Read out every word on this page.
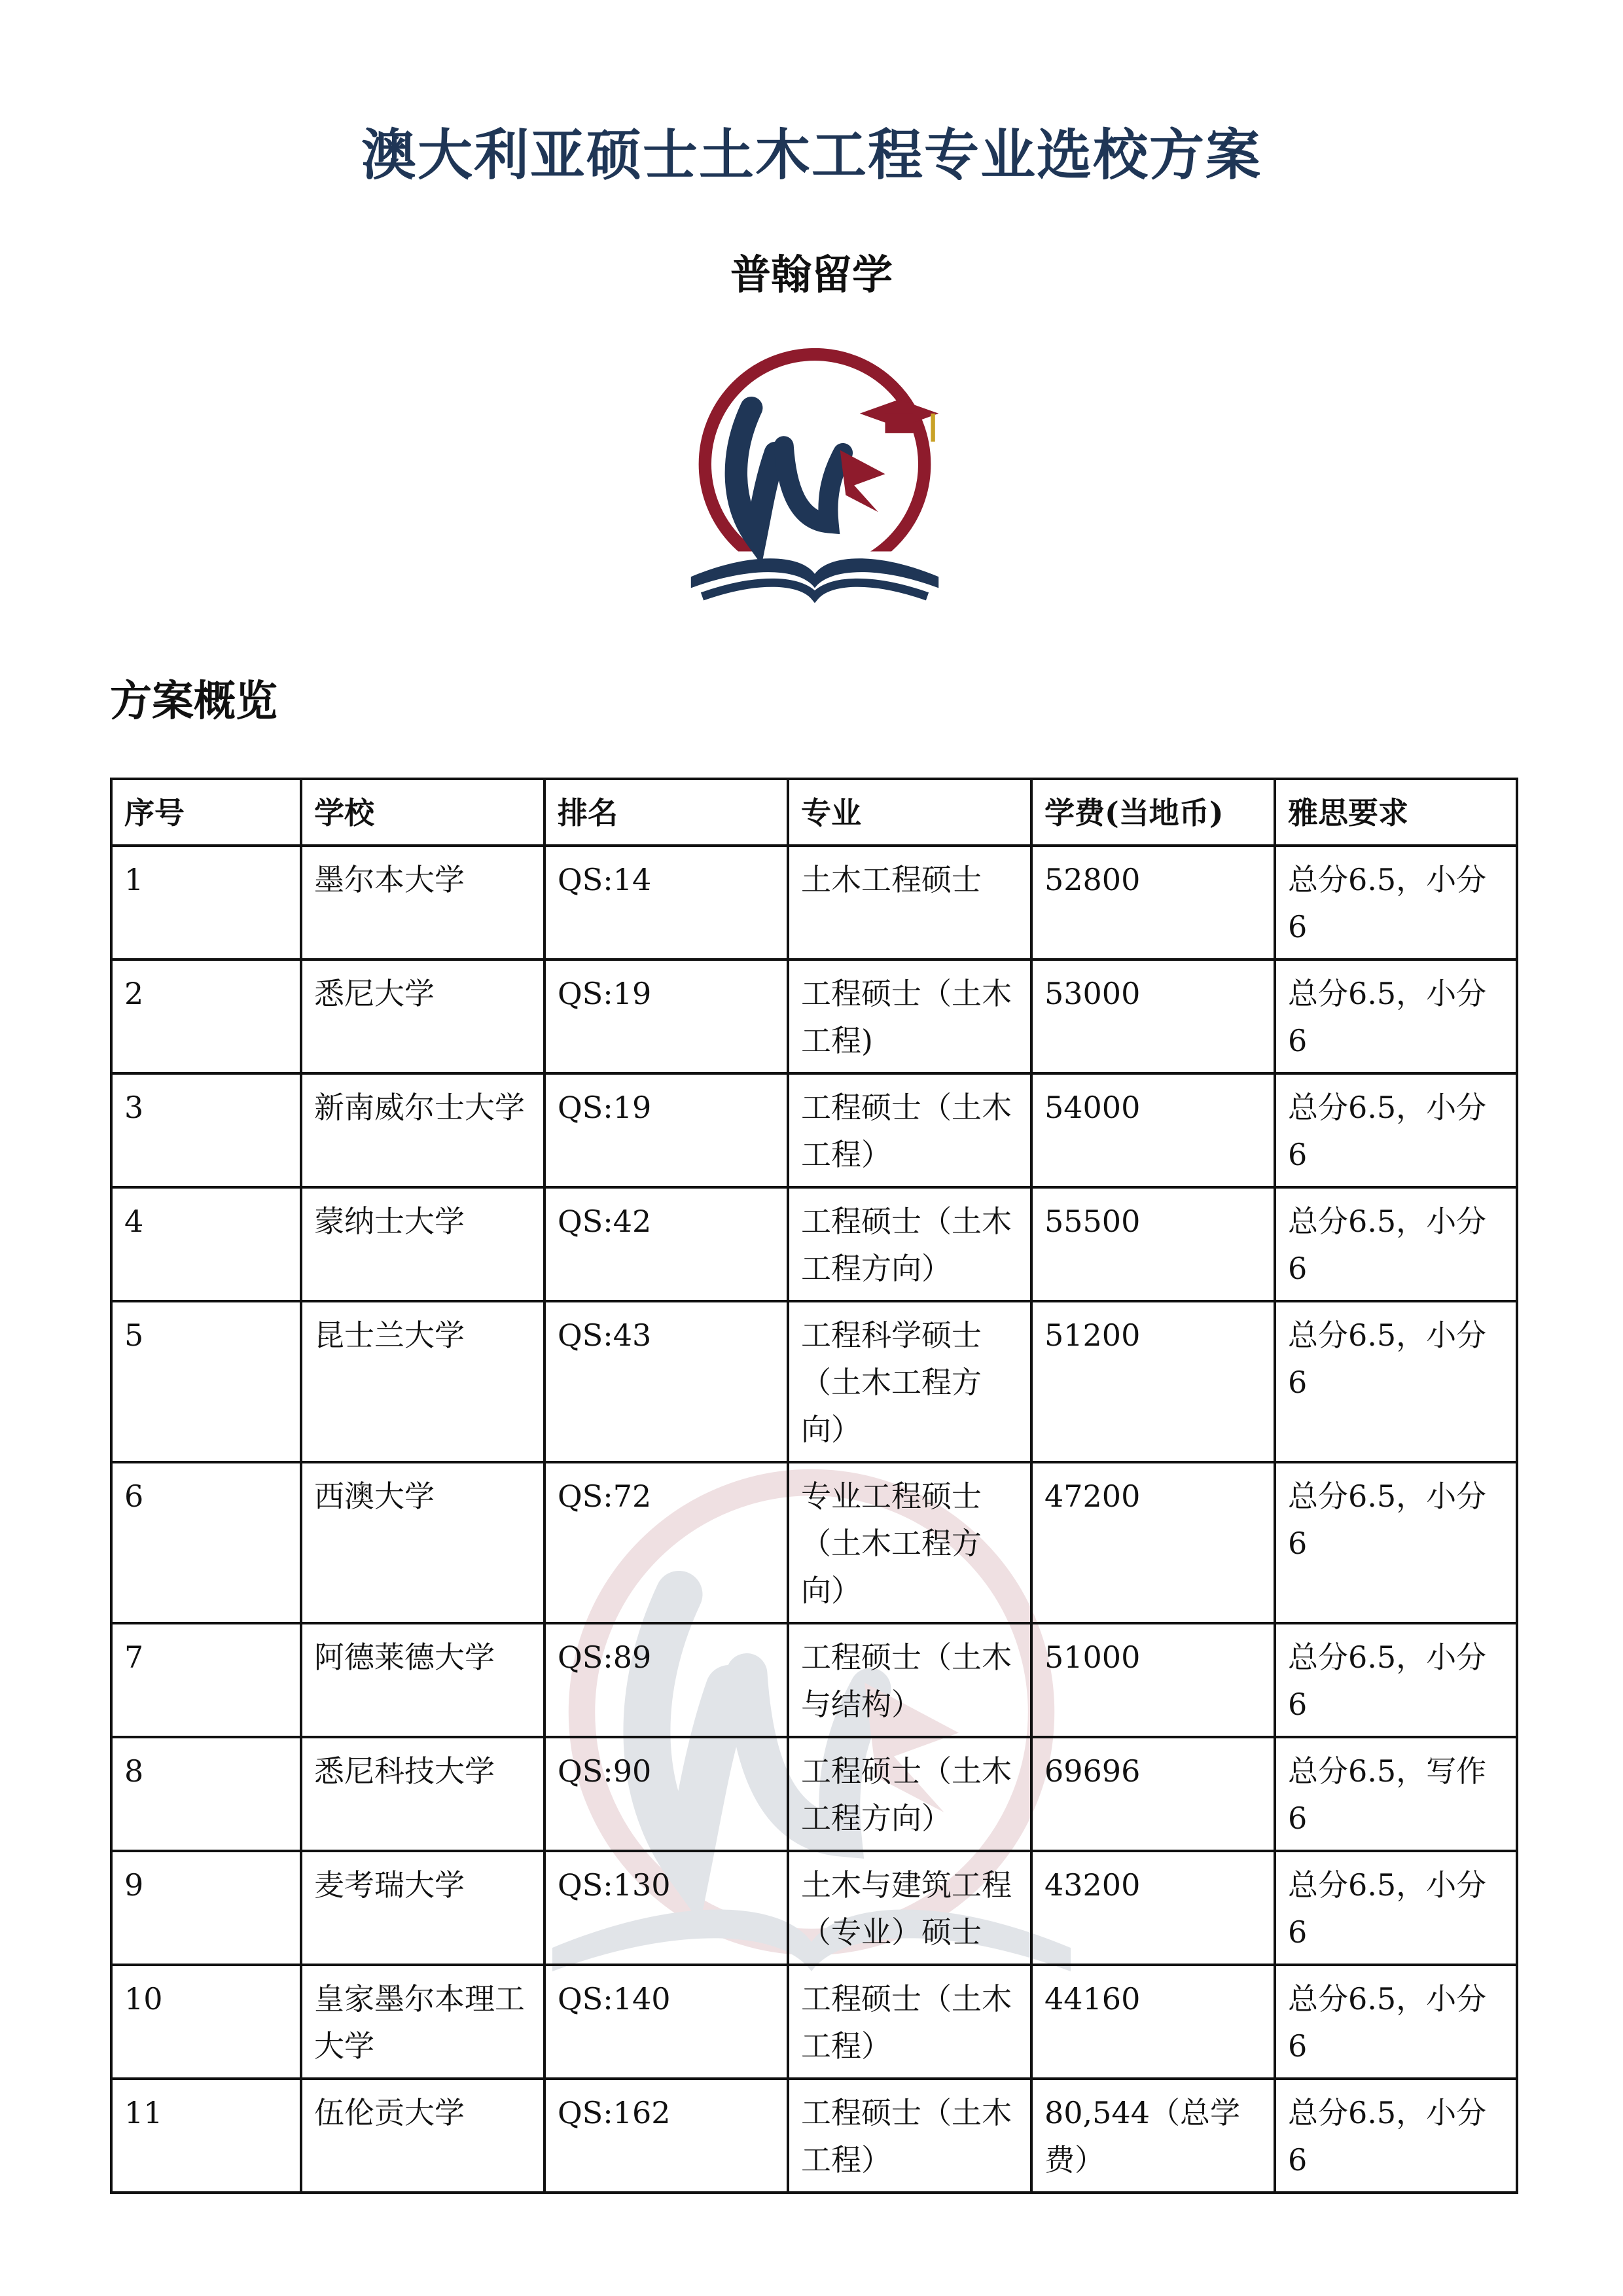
澳大利亚硕士土木工程专业选校方案
普翰留学
方案概览
序号	学校	排名	专业	学费(当地币)	雅思要求
1	墨尔本大学	QS:14	土木工程硕士	52800	总分6.5，小分6
2	悉尼大学	QS:19	工程硕士（土木工程)	53000	总分6.5，小分6
3	新南威尔士大学	QS:19	工程硕士（土木工程）	54000	总分6.5，小分6
4	蒙纳士大学	QS:42	工程硕士（土木工程方向）	55500	总分6.5，小分6
5	昆士兰大学	QS:43	工程科学硕士（土木工程方向）	51200	总分6.5，小分6
6	西澳大学	QS:72	专业工程硕士（土木工程方向）	47200	总分6.5，小分6
7	阿德莱德大学	QS:89	工程硕士（土木与结构）	51000	总分6.5，小分6
8	悉尼科技大学	QS:90	工程硕士（土木工程方向）	69696	总分6.5，写作6
9	麦考瑞大学	QS:130	土木与建筑工程（专业）硕士	43200	总分6.5，小分6
10	皇家墨尔本理工大学	QS:140	工程硕士（土木工程）	44160	总分6.5，小分6
11	伍伦贡大学	QS:162	工程硕士（土木工程）	80,544（总学费）	总分6.5，小分6
